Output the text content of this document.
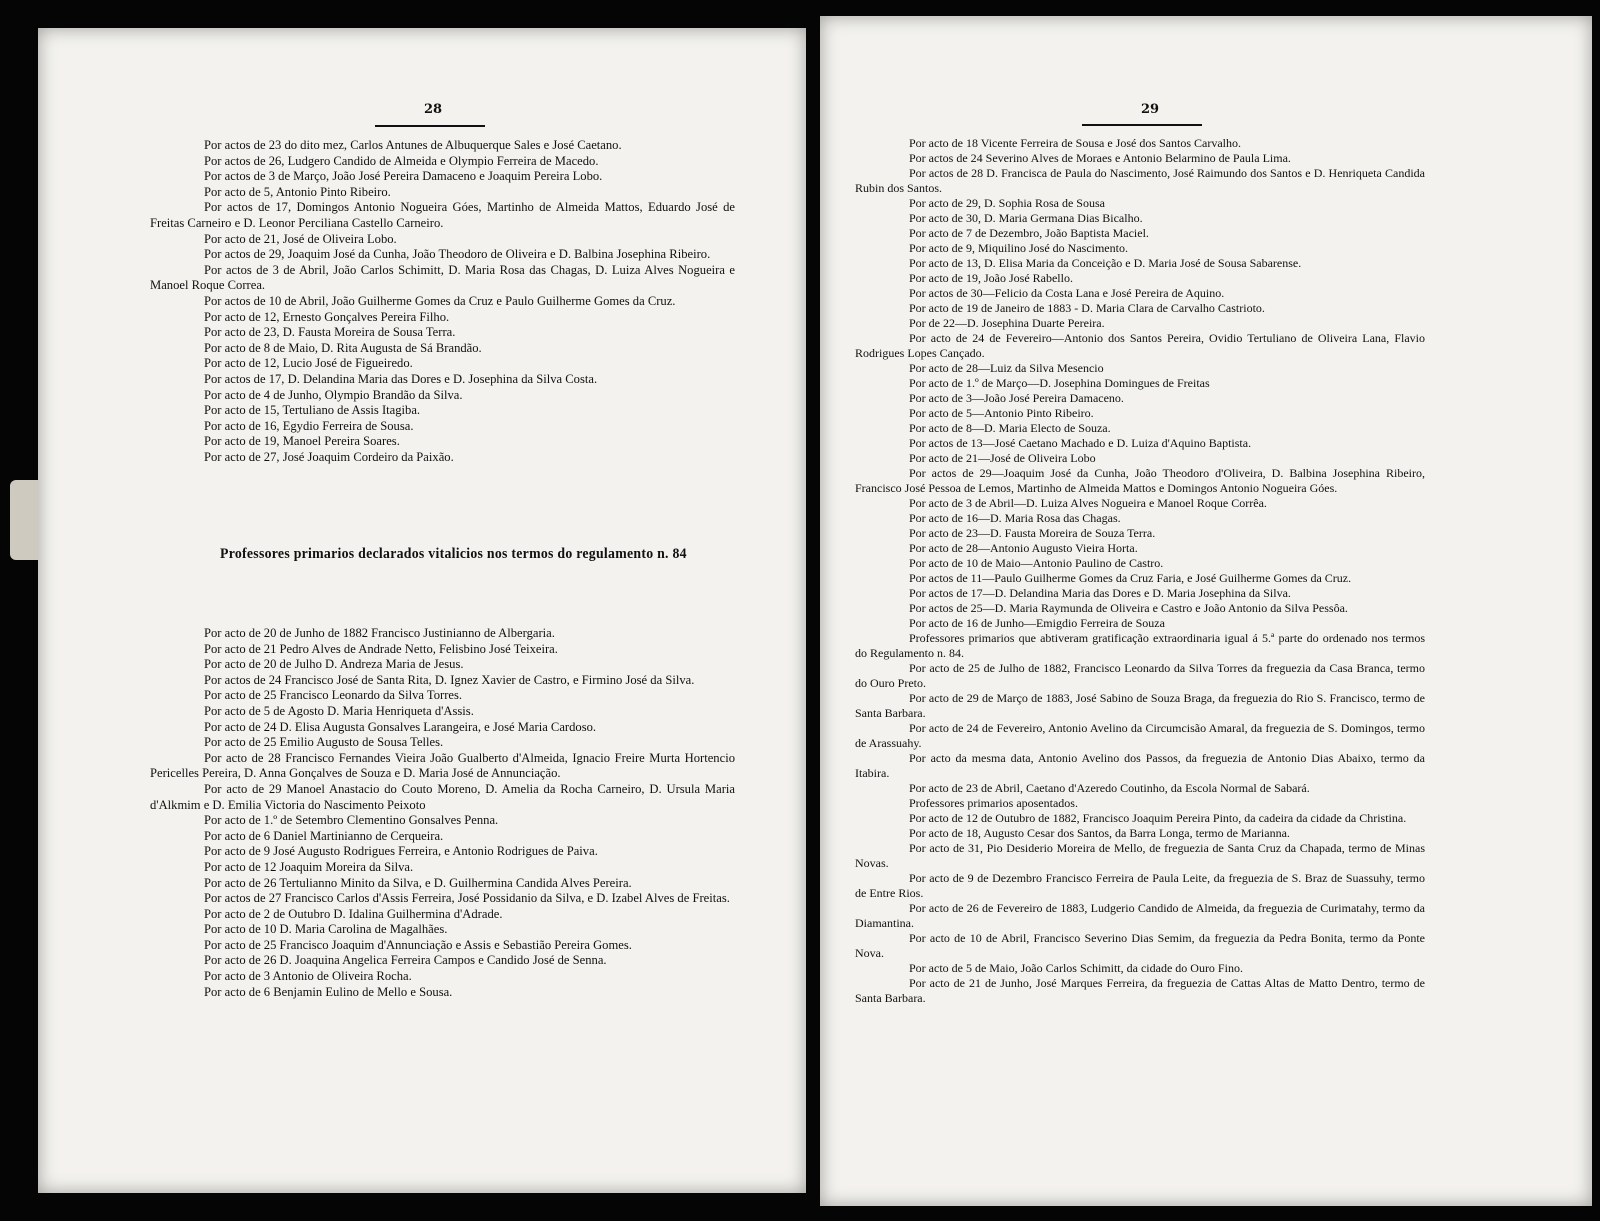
28

Por actos de 23 do dito mez, Carlos Antunes de Albuquerque Sales e José Caetano.

Por actos de 26, Ludgero Candido de Almeida e Olympio Ferreira de Macedo.

Por actos de 3 de Março, João José Pereira Damaceno e Joaquim Pereira Lobo.

Por acto de 5, Antonio Pinto Ribeiro.

Por actos de 17, Domingos Antonio Nogueira Góes, Martinho de Almeida Mattos, Eduardo José de Freitas Carneiro e D. Leonor Perciliana Castello Carneiro.

Por acto de 21, José de Oliveira Lobo.

Por actos de 29, Joaquim José da Cunha, João Theodoro de Oliveira e D. Balbina Josephina Ribeiro.

Por actos de 3 de Abril, João Carlos Schimitt, D. Maria Rosa das Chagas, D. Luiza Alves Nogueira e Manoel Roque Correa.

Por actos de 10 de Abril, João Guilherme Gomes da Cruz e Paulo Guilherme Gomes da Cruz.

Por acto de 12, Ernesto Gonçalves Pereira Filho.

Por acto de 23, D. Fausta Moreira de Sousa Terra.

Por acto de 8 de Maio, D. Rita Augusta de Sá Brandão.

Por acto de 12, Lucio José de Figueiredo.

Por actos de 17, D. Delandina Maria das Dores e D. Josephina da Silva Costa.

Por acto de 4 de Junho, Olympio Brandão da Silva.

Por acto de 15, Tertuliano de Assis Itagiba.

Por acto de 16, Egydio Ferreira de Sousa.

Por acto de 19, Manoel Pereira Soares.

Por acto de 27, José Joaquim Cordeiro da Paixão.

Professores primarios declarados vitalicios nos termos do regulamento n. 84

Por acto de 20 de Junho de 1882 Francisco Justinianno de Albergaria.

Por acto de 21 Pedro Alves de Andrade Netto, Felisbino José Teixeira.

Por acto de 20 de Julho D. Andreza Maria de Jesus.

Por actos de 24 Francisco José de Santa Rita, D. Ignez Xavier de Castro, e Firmino José da Silva.

Por acto de 25 Francisco Leonardo da Silva Torres.

Por acto de 5 de Agosto D. Maria Henriqueta d'Assis.

Por acto de 24 D. Elisa Augusta Gonsalves Larangeira, e José Maria Cardoso.

Por acto de 25 Emilio Augusto de Sousa Telles.

Por acto de 28 Francisco Fernandes Vieira João Gualberto d'Almeida, Ignacio Freire Murta Hortencio Pericelles Pereira, D. Anna Gonçalves de Souza e D. Maria José de Annunciação.

Por acto de 29 Manoel Anastacio do Couto Moreno, D. Amelia da Rocha Carneiro, D. Ursula Maria d'Alkmim e D. Emilia Victoria do Nascimento Peixoto

Por acto de 1.º de Setembro Clementino Gonsalves Penna.

Por acto de 6 Daniel Martinianno de Cerqueira.

Por acto de 9 José Augusto Rodrigues Ferreira, e Antonio Rodrigues de Paiva.

Por acto de 12 Joaquim Moreira da Silva.

Por acto de 26 Tertulianno Minito da Silva, e D. Guilhermina Candida Alves Pereira.

Por actos de 27 Francisco Carlos d'Assis Ferreira, José Possidanio da Silva, e D. Izabel Alves de Freitas.

Por acto de 2 de Outubro D. Idalina Guilhermina d'Adrade.

Por acto de 10 D. Maria Carolina de Magalhães.

Por acto de 25 Francisco Joaquim d'Annunciação e Assis e Sebastião Pereira Gomes.

Por acto de 26 D. Joaquina Angelica Ferreira Campos e Candido José de Senna.

Por acto de 3 Antonio de Oliveira Rocha.

Por acto de 6 Benjamin Eulino de Mello e Sousa.

29

Por acto de 18 Vicente Ferreira de Sousa e José dos Santos Carvalho.

Por actos de 24 Severino Alves de Moraes e Antonio Belarmino de Paula Lima.

Por actos de 28 D. Francisca de Paula do Nascimento, José Raimundo dos Santos e D. Henriqueta Candida Rubin dos Santos.

Por acto de 29, D. Sophia Rosa de Sousa

Por acto de 30, D. Maria Germana Dias Bicalho.

Por acto de 7 de Dezembro, João Baptista Maciel.

Por acto de 9, Miquilino José do Nascimento.

Por acto de 13, D. Elisa Maria da Conceição e D. Maria José de Sousa Sabarense.

Por acto de 19, João José Rabello.

Por actos de 30—Felicio da Costa Lana e José Pereira de Aquino.

Por acto de 19 de Janeiro de 1883 - D. Maria Clara de Carvalho Castrioto.

Por de 22—D. Josephina Duarte Pereira.

Por acto de 24 de Fevereiro—Antonio dos Santos Pereira, Ovidio Tertuliano de Oliveira Lana, Flavio Rodrigues Lopes Cançado.

Por acto de 28—Luiz da Silva Mesencio

Por acto de 1.º de Março—D. Josephina Domingues de Freitas

Por acto de 3—João José Pereira Damaceno.

Por acto de 5—Antonio Pinto Ribeiro.

Por acto de 8—D. Maria Electo de Souza.

Por actos de 13—José Caetano Machado e D. Luiza d'Aquino Baptista.

Por acto de 21—José de Oliveira Lobo

Por actos de 29—Joaquim José da Cunha, João Theodoro d'Oliveira, D. Balbina Josephina Ribeiro, Francisco José Pessoa de Lemos, Martinho de Almeida Mattos e Domingos Antonio Nogueira Góes.

Por acto de 3 de Abril—D. Luiza Alves Nogueira e Manoel Roque Corrêa.

Por acto de 16—D. Maria Rosa das Chagas.

Por acto de 23—D. Fausta Moreira de Souza Terra.

Por acto de 28—Antonio Augusto Vieira Horta.

Por acto de 10 de Maio—Antonio Paulino de Castro.

Por actos de 11—Paulo Guilherme Gomes da Cruz Faria, e José Guilherme Gomes da Cruz.

Por actos de 17—D. Delandina Maria das Dores e D. Maria Josephina da Silva.

Por actos de 25—D. Maria Raymunda de Oliveira e Castro e João Antonio da Silva Pessôa.

Por acto de 16 de Junho—Emigdio Ferreira de Souza

Professores primarios que abtiveram gratificação extraordinaria igual á 5.ª parte do ordenado nos termos do Regulamento n. 84.

Por acto de 25 de Julho de 1882, Francisco Leonardo da Silva Torres da freguezia da Casa Branca, termo do Ouro Preto.

Por acto de 29 de Março de 1883, José Sabino de Souza Braga, da freguezia do Rio S. Francisco, termo de Santa Barbara.

Por acto de 24 de Fevereiro, Antonio Avelino da Circumcisão Amaral, da freguezia de S. Domingos, termo de Arassuahy.

Por acto da mesma data, Antonio Avelino dos Passos, da freguezia de Antonio Dias Abaixo, termo da Itabira.

Por acto de 23 de Abril, Caetano d'Azeredo Coutinho, da Escola Normal de Sabará.

Professores primarios aposentados.

Por acto de 12 de Outubro de 1882, Francisco Joaquim Pereira Pinto, da cadeira da cidade da Christina.

Por acto de 18, Augusto Cesar dos Santos, da Barra Longa, termo de Marianna.

Por acto de 31, Pio Desiderio Moreira de Mello, de freguezia de Santa Cruz da Chapada, termo de Minas Novas.

Por acto de 9 de Dezembro Francisco Ferreira de Paula Leite, da freguezia de S. Braz de Suassuhy, termo de Entre Rios.

Por acto de 26 de Fevereiro de 1883, Ludgerio Candido de Almeida, da freguezia de Curimatahy, termo da Diamantina.

Por acto de 10 de Abril, Francisco Severino Dias Semim, da freguezia da Pedra Bonita, termo da Ponte Nova.

Por acto de 5 de Maio, João Carlos Schimitt, da cidade do Ouro Fino.

Por acto de 21 de Junho, José Marques Ferreira, da freguezia de Cattas Altas de Matto Dentro, termo de Santa Barbara.
